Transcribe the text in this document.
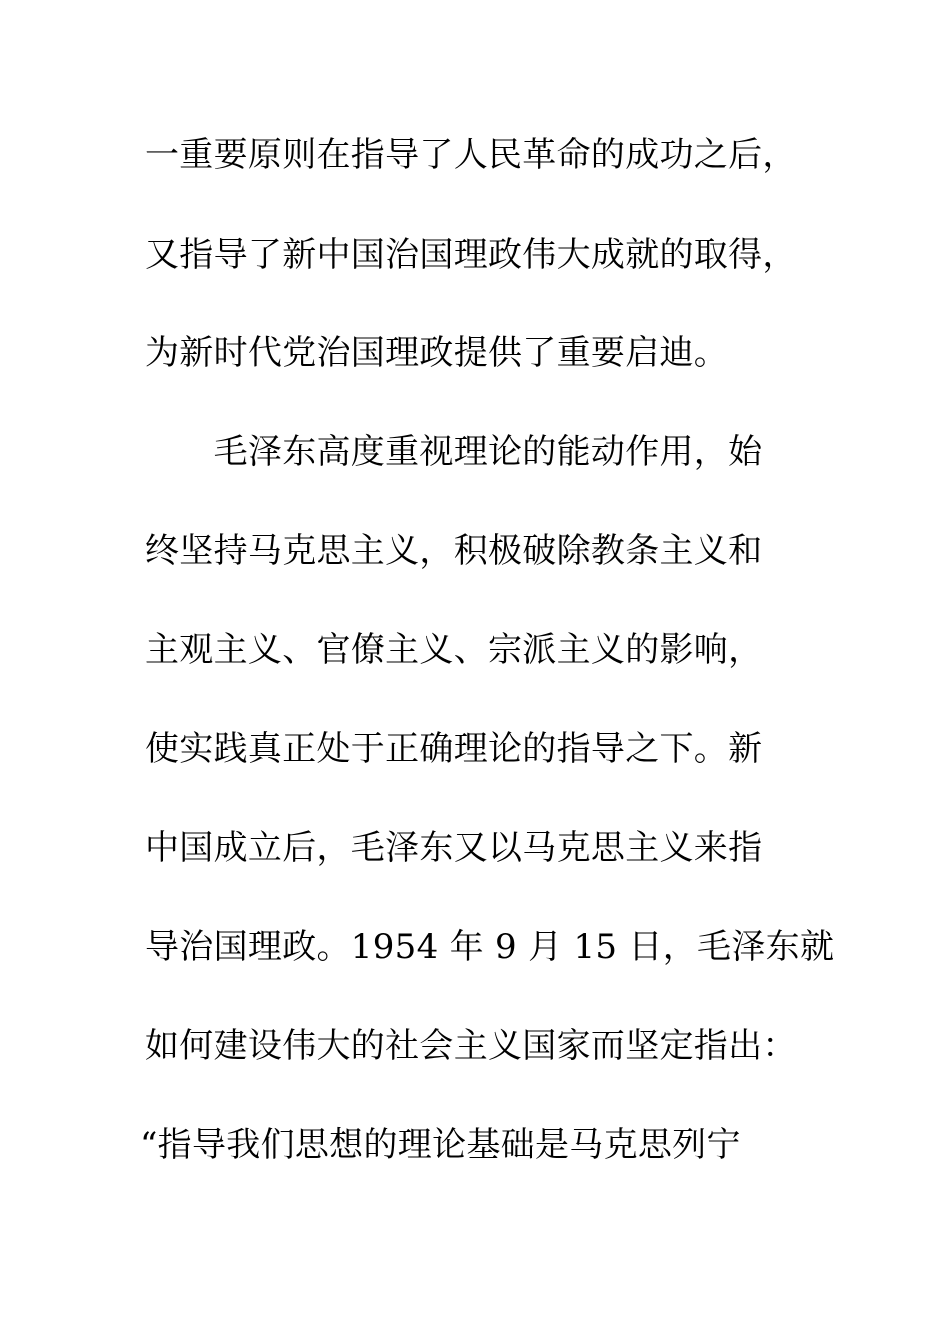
一重要原则在指导了人民革命的成功之后，
又指导了新中国治国理政伟大成就的取得，
为新时代党治国理政提供了重要启迪。
　　毛泽东高度重视理论的能动作用，始
终坚持马克思主义，积极破除教条主义和
主观主义、官僚主义、宗派主义的影响，
使实践真正处于正确理论的指导之下。新
中国成立后，毛泽东又以马克思主义来指
导治国理政。1954 年 9 月 15 日，毛泽东就
如何建设伟大的社会主义国家而坚定指出：
“指导我们思想的理论基础是马克思列宁
